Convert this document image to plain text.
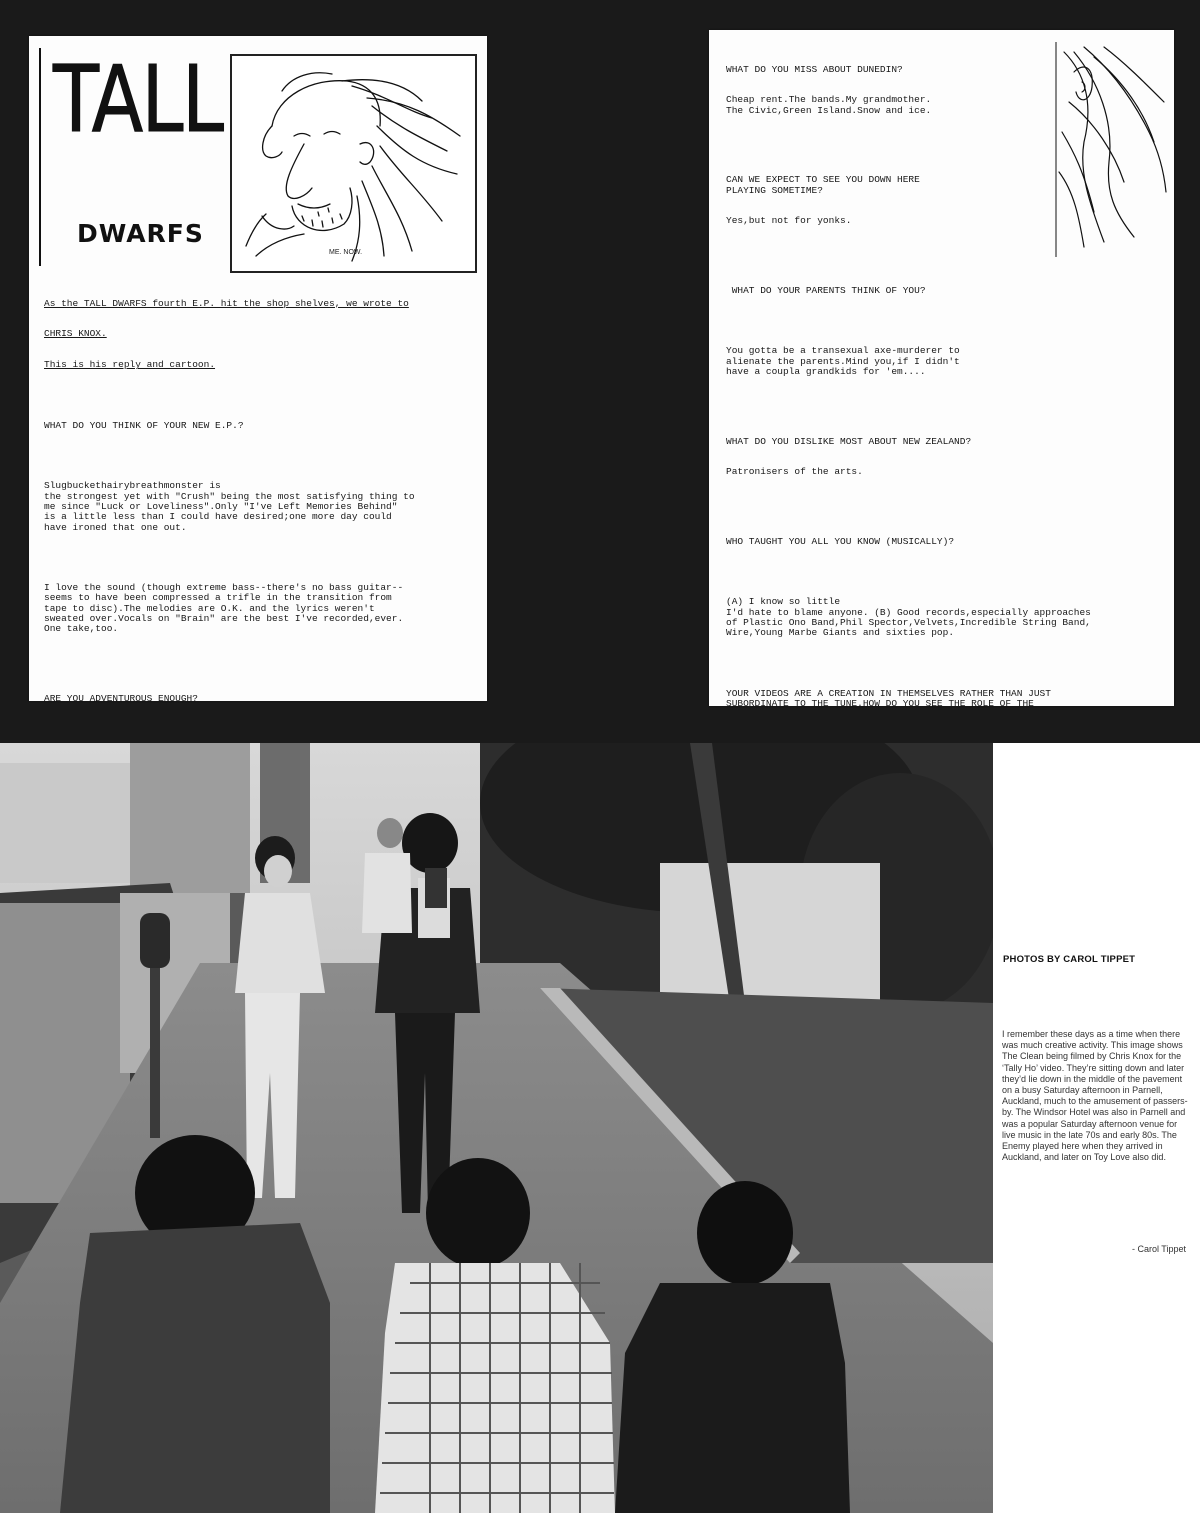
TALL
DWARFS
ME. NOW.

As the TALL DWARFS fourth E.P. hit the shop shelves, we wrote to

CHRIS KNOX.

This is his reply and cartoon.

WHAT DO YOU THINK OF YOUR NEW E.P.?

Slugbuckethairybreathmonster is
the strongest yet with "Crush" being the most satisfying thing to
me since "Luck or Loveliness".Only "I've Left Memories Behind"
is a little less than I could have desired;one more day could
have ironed that one out.

I love the sound (though extreme bass--there's no bass guitar--
seems to have been compressed a trifle in the transition from
tape to disc).The melodies are O.K. and the lyrics weren't
sweated over.Vocals on "Brain" are the best I've recorded,ever.
One take,too.

ARE YOU ADVENTUROUS ENOUGH?

WHAT DO YOU MISS ABOUT DUNEDIN?

Cheap rent.The bands.My grandmother.
The Civic,Green Island.Snow and ice.

CAN WE EXPECT TO SEE YOU DOWN HERE
PLAYING SOMETIME?

Yes,but not for yonks.

WHAT DO YOUR PARENTS THINK OF YOU?

You gotta be a transexual axe-murderer to
alienate the parents.Mind you,if I didn't
have a coupla grandkids for 'em....

WHAT DO YOU DISLIKE MOST ABOUT NEW ZEALAND?

Patronisers of the arts.

WHO TAUGHT YOU ALL YOU KNOW (MUSICALLY)?

(A) I know so little
I'd hate to blame anyone. (B) Good records,especially approaches
of Plastic Ono Band,Phil Spector,Velvets,Incredible String Band,
Wire,Young Marbe Giants and sixties pop.

YOUR VIDEOS ARE A CREATION IN THEMSELVES RATHER THAN JUST
SUBORDINATE TO THE TUNE.HOW DO YOU SEE THE ROLE OF THE

PHOTOS BY CAROL TIPPET

I remember these days as a time when there was much creative activity. This image shows The Clean being filmed by Chris Knox for the ‘Tally Ho’ video. They’re sitting down and later they’d lie down in the middle of the pavement on a busy Saturday afternoon in Parnell, Auckland, much to the amusement of passers-by. The Windsor Hotel was also in Parnell and was a popular Saturday afternoon venue for live music in the late 70s and early 80s. The Enemy played here when they arrived in Auckland, and later on Toy Love also did.

- Carol Tippet
